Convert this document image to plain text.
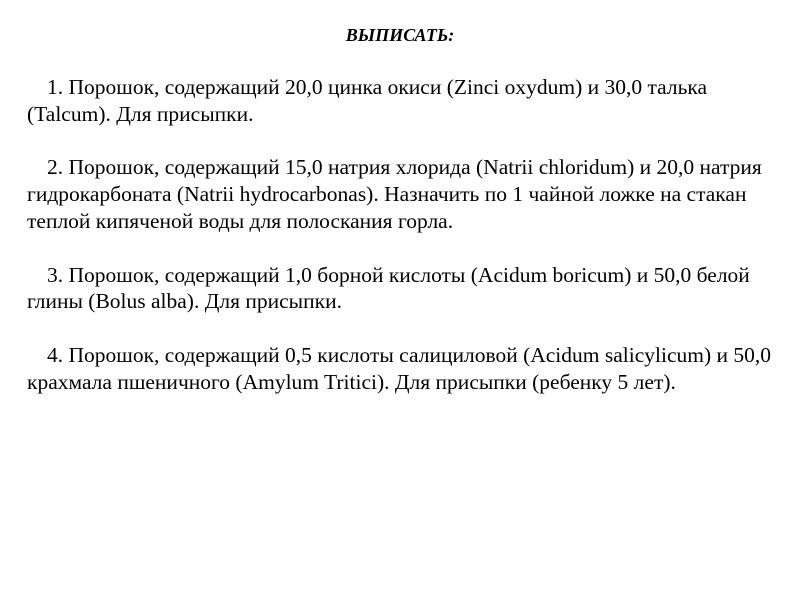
ВЫПИСАТЬ:

1. Порошок, содержащий 20,0 цинка окиси (Zinci oxydum) и 30,0 талька (Talcum). Для присыпки.

2. Порошок, содержащий 15,0 натрия хлорида (Natrii chloridum) и 20,0 натрия гидрокарбоната (Natrii hydrocarbonas). Назначить по 1 чайной ложке на стакан теплой кипяченой воды для полоскания горла.

3. Порошок, содержащий 1,0 борной кислоты (Acidum boricum) и 50,0 белой глины (Bolus alba). Для присыпки.

4. Порошок, содержащий 0,5 кислоты салициловой (Acidum salicylicum) и 50,0 крахмала пшеничного (Amylum Tritici). Для присыпки (ребенку 5 лет).
